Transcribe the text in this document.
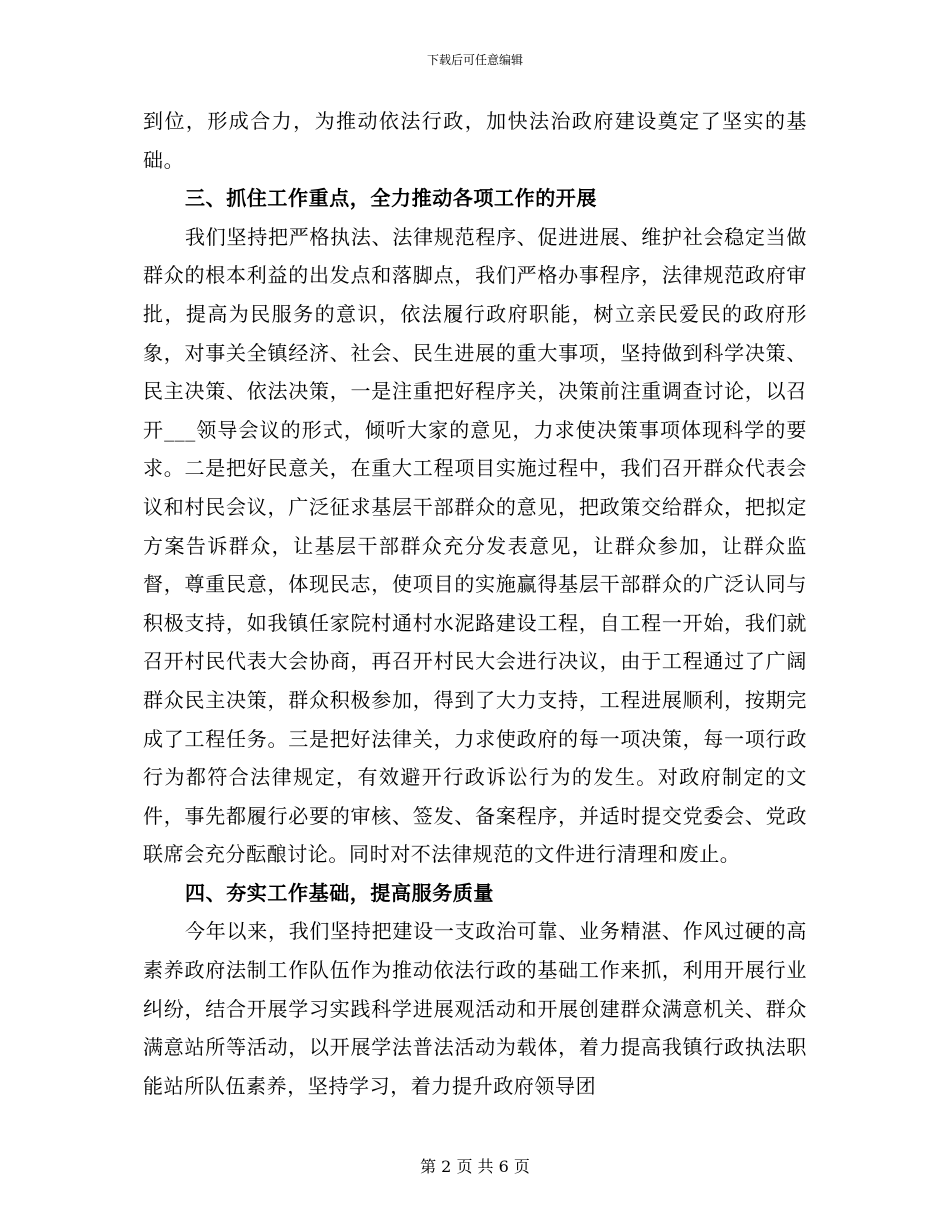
下载后可任意编辑

到位，形成合力，为推动依法行政，加快法治政府建设奠定了坚实的基础。

三、抓住工作重点，全力推动各项工作的开展

我们坚持把严格执法、法律规范程序、促进进展、维护社会稳定当做群众的根本利益的出发点和落脚点，我们严格办事程序，法律规范政府审批，提高为民服务的意识，依法履行政府职能，树立亲民爱民的政府形象，对事关全镇经济、社会、民生进展的重大事项，坚持做到科学决策、民主决策、依法决策，一是注重把好程序关，决策前注重调查讨论，以召开___领导会议的形式，倾听大家的意见，力求使决策事项体现科学的要求。二是把好民意关，在重大工程项目实施过程中，我们召开群众代表会议和村民会议，广泛征求基层干部群众的意见，把政策交给群众，把拟定方案告诉群众，让基层干部群众充分发表意见，让群众参加，让群众监督，尊重民意，体现民志，使项目的实施赢得基层干部群众的广泛认同与积极支持，如我镇任家院村通村水泥路建设工程，自工程一开始，我们就召开村民代表大会协商，再召开村民大会进行决议，由于工程通过了广阔群众民主决策，群众积极参加，得到了大力支持，工程进展顺利，按期完成了工程任务。三是把好法律关，力求使政府的每一项决策，每一项行政行为都符合法律规定，有效避开行政诉讼行为的发生。对政府制定的文件，事先都履行必要的审核、签发、备案程序，并适时提交党委会、党政联席会充分酝酿讨论。同时对不法律规范的文件进行清理和废止。

四、夯实工作基础，提高服务质量

今年以来，我们坚持把建设一支政治可靠、业务精湛、作风过硬的高素养政府法制工作队伍作为推动依法行政的基础工作来抓，利用开展行业纠纷，结合开展学习实践科学进展观活动和开展创建群众满意机关、群众满意站所等活动，以开展学法普法活动为载体，着力提高我镇行政执法职能站所队伍素养，坚持学习，着力提升政府领导团

第 2 页 共 6 页
